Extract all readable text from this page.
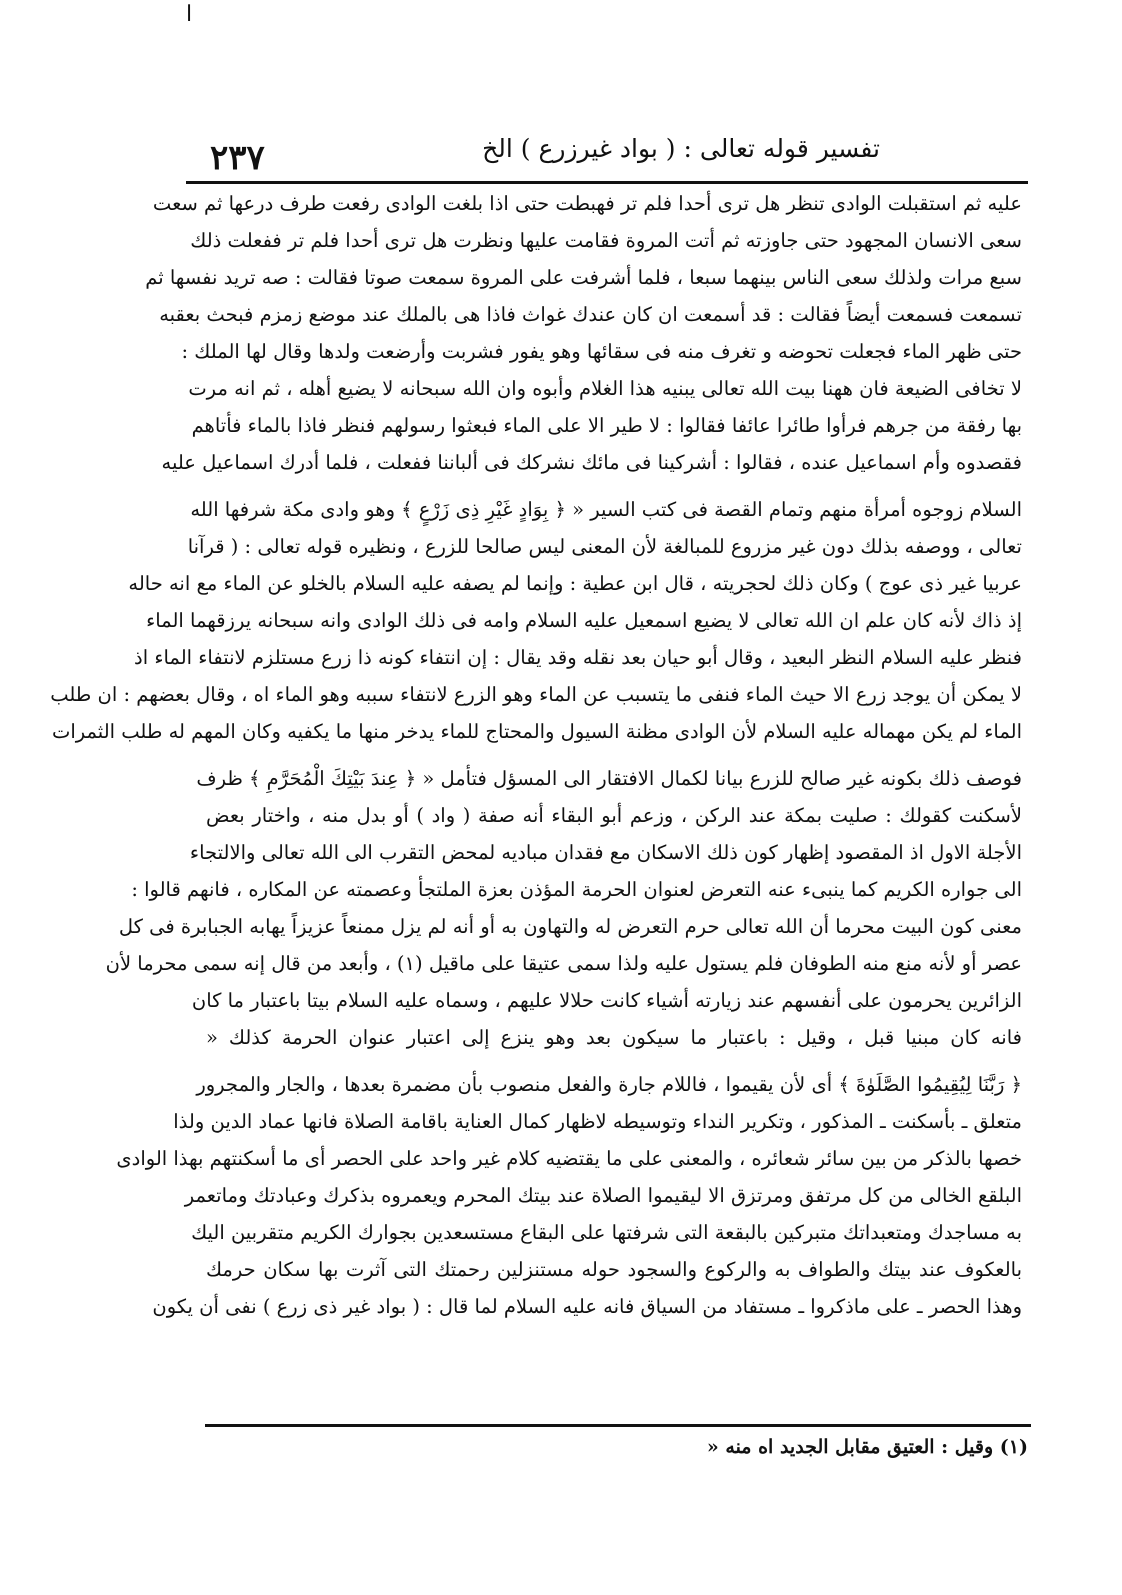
ا
٢٣٧	تفسير قوله تعالى : ( بواد غيرزرع ) الخ
عليه ثم استقبلت الوادى تنظر هل ترى أحدا فلم تر فهبطت حتى اذا بلغت الوادى رفعت طرف درعها ثم سعت
سعى الانسان المجهود حتى جاوزته ثم أتت المروة فقامت عليها ونظرت هل ترى أحدا فلم تر ففعلت ذلك
سبع مرات ولذلك سعى الناس بينهما سبعا ، فلما أشرفت على المروة سمعت صوتا فقالت : صه تريد نفسها ثم
تسمعت فسمعت أيضاً فقالت : قد أسمعت ان كان عندك غواث فاذا هى بالملك عند موضع زمزم فبحث بعقبه
حتى ظهر الماء فجعلت تحوضه و تغرف منه فى سقائها وهو يفور فشربت وأرضعت ولدها وقال لها الملك :
لا تخافى الضيعة فان ههنا بيت الله تعالى يبنيه هذا الغلام وأبوه وان الله سبحانه لا يضيع أهله ، ثم انه مرت
بها رفقة من جرهم فرأوا طائرا عائفا فقالوا : لا طير الا على الماء فبعثوا رسولهم فنظر فاذا بالماء فأتاهم
فقصدوه وأم اسماعيل عنده ، فقالوا : أشركينا فى مائك نشركك فى ألباننا ففعلت ، فلما أدرك اسماعيل عليه
السلام زوجوه أمرأة منهم وتمام القصة فى كتب السير « ﴿ بِوَادٍ غَيْرِ ذِى زَرْعٍ ﴾ وهو وادى مكة شرفها الله
تعالى ، ووصفه بذلك دون غير مزروع للمبالغة لأن المعنى ليس صالحا للزرع ، ونظيره قوله تعالى : ( قرآنا
عربيا غير ذى عوج ) وكان ذلك لحجريته ، قال ابن عطية : وإنما لم يصفه عليه السلام بالخلو عن الماء مع انه حاله
إذ ذاك لأنه كان علم ان الله تعالى لا يضيع اسمعيل عليه السلام وامه فى ذلك الوادى وانه سبحانه يرزقهما الماء
فنظر عليه السلام النظر البعيد ، وقال أبو حيان بعد نقله وقد يقال : إن انتفاء كونه ذا زرع مستلزم لانتفاء الماء اذ
لا يمكن أن يوجد زرع الا حيث الماء فنفى ما يتسبب عن الماء وهو الزرع لانتفاء سببه وهو الماء اه ، وقال بعضهم : ان طلب
الماء لم يكن مهماله عليه السلام لأن الوادى مظنة السيول والمحتاج للماء يدخر منها ما يكفيه وكان المهم له طلب الثمرات
فوصف ذلك بكونه غير صالح للزرع بيانا لكمال الافتقار الى المسؤل فتأمل « ﴿ عِندَ بَيْتِكَ الْمُحَرَّمِ ﴾ ظرف
لأسكنت كقولك : صليت بمكة عند الركن ، وزعم أبو البقاء أنه صفة ( واد ) أو بدل منه ، واختار بعض
الأجلة الاول اذ المقصود إظهار كون ذلك الاسكان مع فقدان مباديه لمحض التقرب الى الله تعالى والالتجاء
الى جواره الكريم كما ينبىء عنه التعرض لعنوان الحرمة المؤذن بعزة الملتجأ وعصمته عن المكاره ، فانهم قالوا :
معنى كون البيت محرما أن الله تعالى حرم التعرض له والتهاون به أو أنه لم يزل ممنعاً عزيزاً يهابه الجبابرة فى كل
عصر أو لأنه منع منه الطوفان فلم يستول عليه ولذا سمى عتيقا على ماقيل (١) ، وأبعد من قال إنه سمى محرما لأن
الزائرين يحرمون على أنفسهم عند زيارته أشياء كانت حلالا عليهم ، وسماه عليه السلام بيتا باعتبار ما كان
فانه كان مبنيا قبل ، وقيل : باعتبار ما سيكون بعد وهو ينزع إلى اعتبار عنوان الحرمة كذلك «
﴿ رَبَّنَا لِيُقِيمُوا الصَّلَوٰةَ ﴾ أى لأن يقيموا ، فاللام جارة والفعل منصوب بأن مضمرة بعدها ، والجار والمجرور
متعلق ـ بأسكنت ـ المذكور ، وتكرير النداء وتوسيطه لاظهار كمال العناية باقامة الصلاة فانها عماد الدين ولذا
خصها بالذكر من بين سائر شعائره ، والمعنى على ما يقتضيه كلام غير واحد على الحصر أى ما أسكنتهم بهذا الوادى
البلقع الخالى من كل مرتفق ومرتزق الا ليقيموا الصلاة عند بيتك المحرم ويعمروه بذكرك وعبادتك وماتعمر
به مساجدك ومتعبداتك متبركين بالبقعة التى شرفتها على البقاع مستسعدين بجوارك الكريم متقربين اليك
بالعكوف عند بيتك والطواف به والركوع والسجود حوله مستنزلين رحمتك التى آثرت بها سكان حرمك
وهذا الحصر ـ على ماذكروا ـ مستفاد من السياق فانه عليه السلام لما قال : ( بواد غير ذى زرع ) نفى أن يكون
(١) وقيل : العتيق مقابل الجديد اه منه «
